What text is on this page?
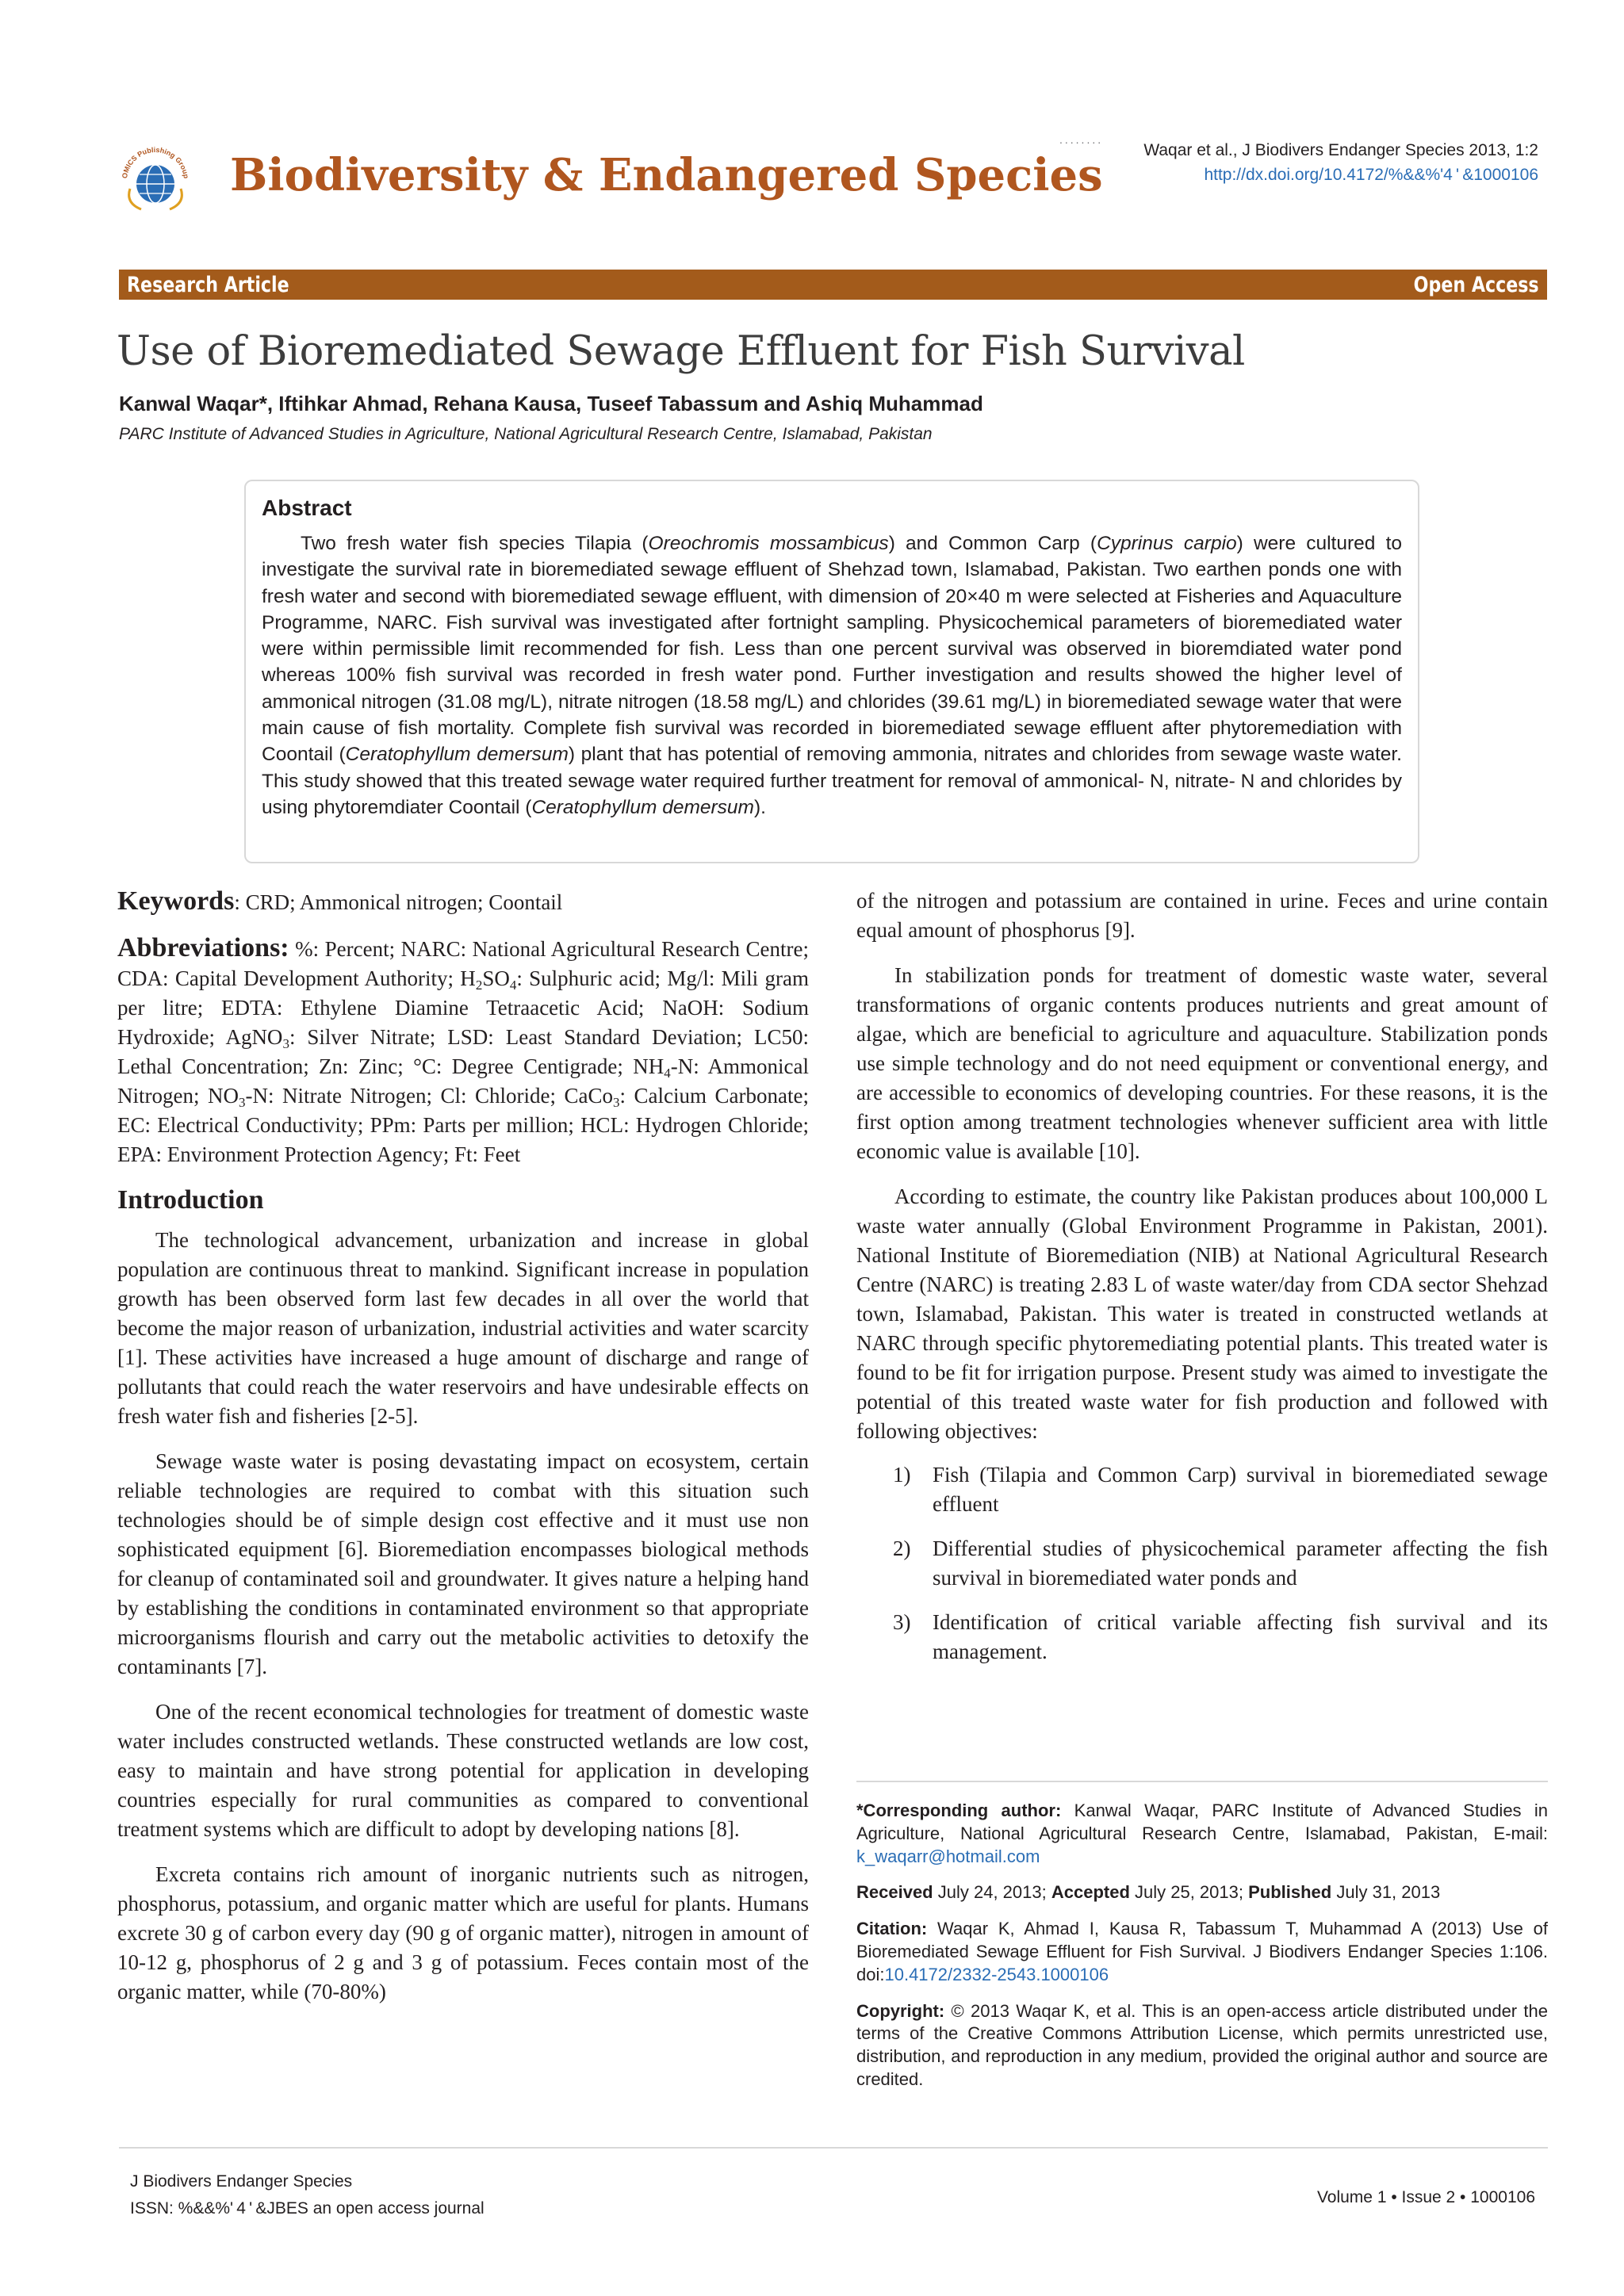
OMICS Publishing Group Biodiversity & Endangered Species
........
Waqar et al., J Biodivers Endanger Species 2013, 1:2
http://dx.doi.org/10.4172/%&&%'​4 ' &1000106
Research Article	Open Access
Use of Bioremediated Sewage Effluent for Fish Survival
Kanwal Waqar*, Iftihkar Ahmad, Rehana Kausa, Tuseef Tabassum and Ashiq Muhammad
PARC Institute of Advanced Studies in Agriculture, National Agricultural Research Centre, Islamabad, Pakistan
Abstract

Two fresh water fish species Tilapia (Oreochromis mossambicus) and Common Carp (Cyprinus carpio) were cultured to investigate the survival rate in bioremediated sewage effluent of Shehzad town, Islamabad, Pakistan. Two earthen ponds one with fresh water and second with bioremediated sewage effluent, with dimension of 20×40 m were selected at Fisheries and Aquaculture Programme, NARC. Fish survival was investigated after fortnight sampling. Physicochemical parameters of bioremediated water were within permissible limit recommended for fish. Less than one percent survival was observed in bioremdiated water pond whereas 100% fish survival was recorded in fresh water pond. Further investigation and results showed the higher level of ammonical nitrogen (31.08 mg/L), nitrate nitrogen (18.58 mg/L) and chlorides (39.61 mg/L) in bioremediated sewage water that were main cause of fish mortality. Complete fish survival was recorded in bioremediated sewage effluent after phytoremediation with Coontail (Ceratophyllum demersum) plant that has potential of removing ammonia, nitrates and chlorides from sewage waste water. This study showed that this treated sewage water required further treatment for removal of ammonical- N, nitrate- N and chlorides by using phytoremdiater Coontail (Ceratophyllum demersum).

Keywords: CRD; Ammonical nitrogen; Coontail

Abbreviations: %: Percent; NARC: National Agricultural Research Centre; CDA: Capital Development Authority; $H_2SO_4$: Sulphuric acid; Mg/l: Mili gram per litre; EDTA: Ethylene Diamine Tetraacetic Acid; NaOH: Sodium Hydroxide; AgNO$_3$: Silver Nitrate; LSD: Least Standard Deviation; LC50: Lethal Concentration; Zn: Zinc; °C: Degree Centigrade; $NH_4-N$: Ammonical Nitrogen; $NO_3-N$: Nitrate Nitrogen; Cl: Chloride; CaCo$_3$: Calcium Carbonate; EC: Electrical Conductivity; PPm: Parts per million; HCL: Hydrogen Chloride; EPA: Environment Protection Agency; Ft: Feet

Introduction

The technological advancement, urbanization and increase in global population are continuous threat to mankind. Significant increase in population growth has been observed form last few decades in all over the world that become the major reason of urbanization, industrial activities and water scarcity [1]. These activities have increased a huge amount of discharge and range of pollutants that could reach the water reservoirs and have undesirable effects on fresh water fish and fisheries [2-5].

Sewage waste water is posing devastating impact on ecosystem, certain reliable technologies are required to combat with this situation such technologies should be of simple design cost effective and it must use non sophisticated equipment [6]. Bioremediation encompasses biological methods for cleanup of contaminated soil and groundwater. It gives nature a helping hand by establishing the conditions in contaminated environment so that appropriate microorganisms flourish and carry out the metabolic activities to detoxify the contaminants [7].

One of the recent economical technologies for treatment of domestic waste water includes constructed wetlands. These constructed wetlands are low cost, easy to maintain and have strong potential for application in developing countries especially for rural communities as compared to conventional treatment systems which are difficult to adopt by developing nations [8].

Excreta contains rich amount of inorganic nutrients such as nitrogen, phosphorus, potassium, and organic matter which are useful for plants. Humans excrete 30 g of carbon every day (90 g of organic matter), nitrogen in amount of 10-12 g, phosphorus of 2 g and 3 g of potassium. Feces contain most of the organic matter, while (70-80%)

of the nitrogen and potassium are contained in urine. Feces and urine contain equal amount of phosphorus [9].

In stabilization ponds for treatment of domestic waste water, several transformations of organic contents produces nutrients and great amount of algae, which are beneficial to agriculture and aquaculture. Stabilization ponds use simple technology and do not need equipment or conventional energy, and are accessible to economics of developing countries. For these reasons, it is the first option among treatment technologies whenever sufficient area with little economic value is available [10].

According to estimate, the country like Pakistan produces about 100,000 L waste water annually (Global Environment Programme in Pakistan, 2001). National Institute of Bioremediation (NIB) at National Agricultural Research Centre (NARC) is treating 2.83 L of waste water/day from CDA sector Shehzad town, Islamabad, Pakistan. This water is treated in constructed wetlands at NARC through specific phytoremediating potential plants. This treated water is found to be fit for irrigation purpose. Present study was aimed to investigate the potential of this treated waste water for fish production and followed with following objectives:

1)	Fish (Tilapia and Common Carp) survival in bioremediated sewage effluent
2)	Differential studies of physicochemical parameter affecting the fish survival in bioremediated water ponds and
3)	Identification of critical variable affecting fish survival and its management.

*Corresponding author: Kanwal Waqar, PARC Institute of Advanced Studies in Agriculture, National Agricultural Research Centre, Islamabad, Pakistan, E-mail: k_waqarr@hotmail.com

Received July 24, 2013; Accepted July 25, 2013; Published July 31, 2013

Citation: Waqar K, Ahmad I, Kausa R, Tabassum T, Muhammad A (2013) Use of Bioremediated Sewage Effluent for Fish Survival. J Biodivers Endanger Species 1:106. doi:10.4172/2332-2543.1000106

Copyright: © 2013 Waqar K, et al. This is an open-access article distributed under the terms of the Creative Commons Attribution License, which permits unrestricted use, distribution, and reproduction in any medium, provided the original author and source are credited.

J Biodivers Endanger Species
ISSN: %&&%' ​4 ' &JBES an open access journal
Volume 1 • Issue 2 • 1000106
